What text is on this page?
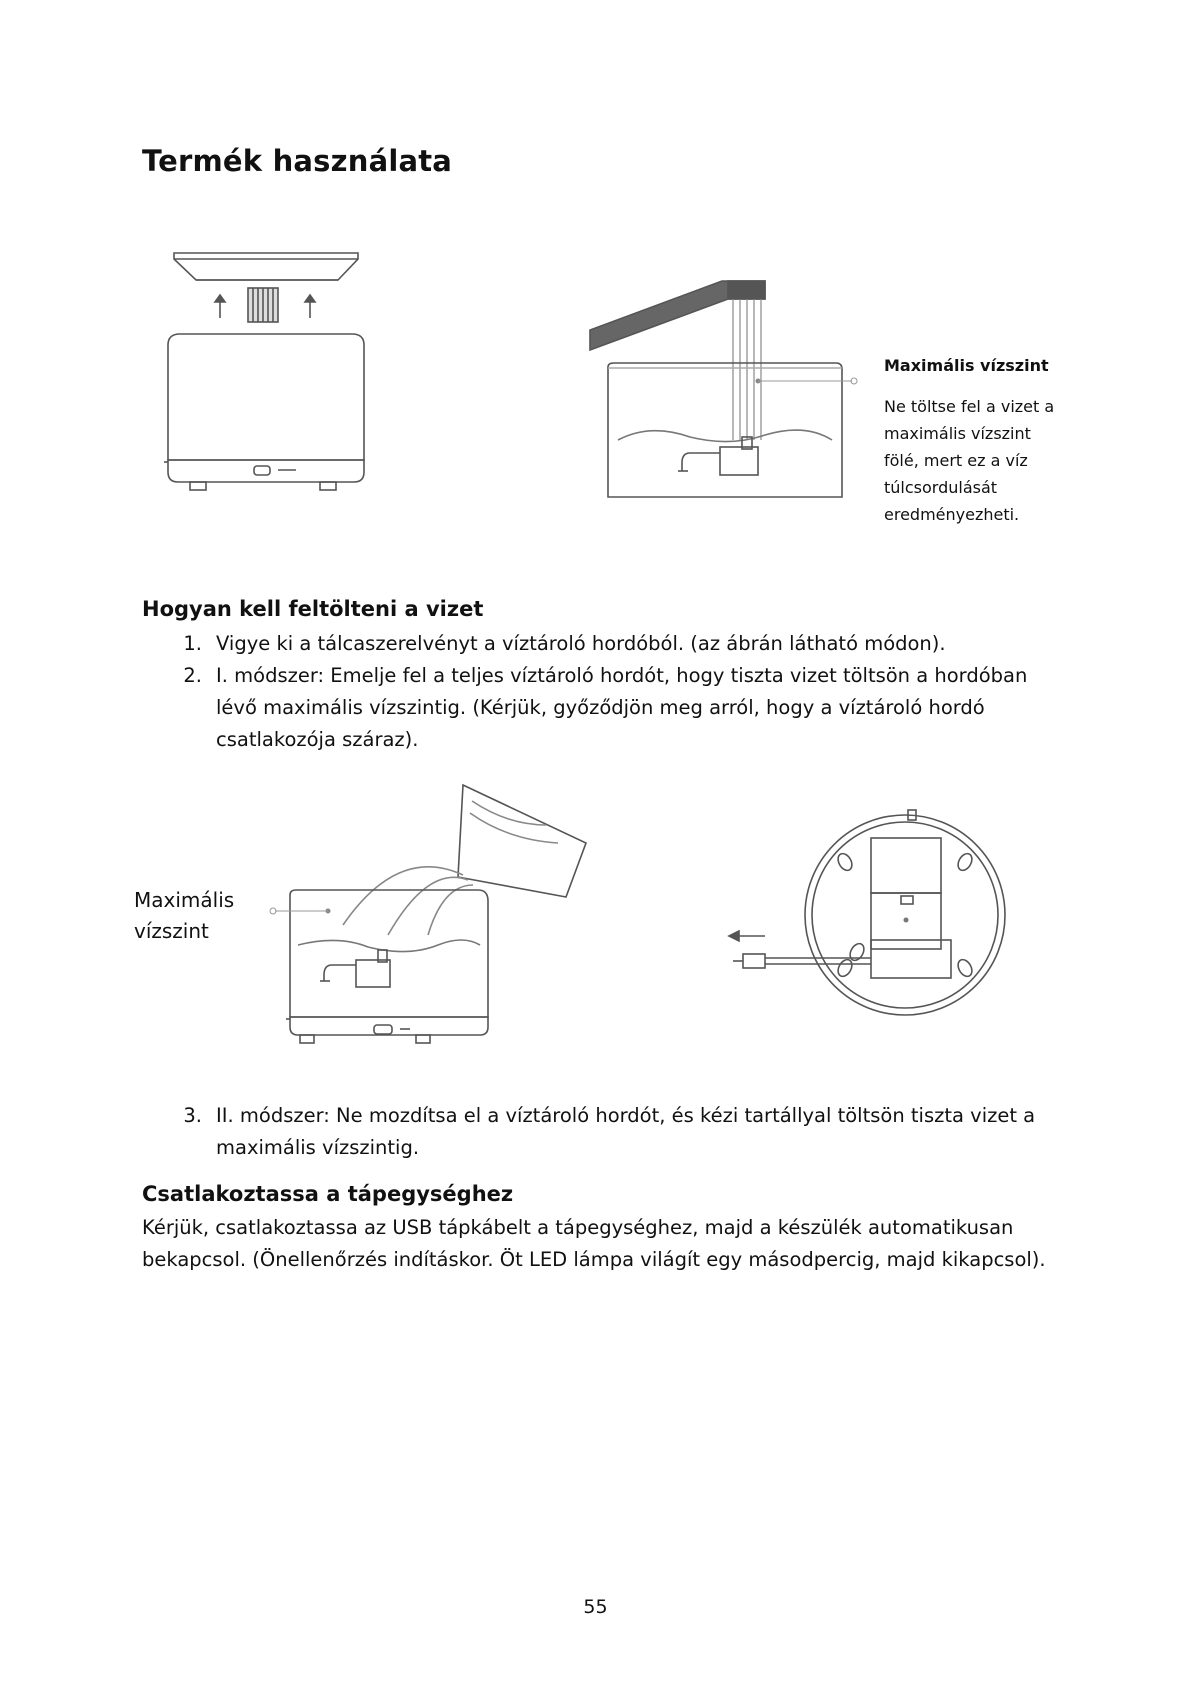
Termék használata
Maximális vízszint
Ne töltse fel a vizet a
maximális vízszint
fölé, mert ez a víz
túlcsordulását
eredményezheti.
Hogyan kell feltölteni a vizet
1. Vigye ki a tálcaszerelvényt a víztároló hordóból. (az ábrán látható módon).
2. I. módszer: Emelje fel a teljes víztároló hordót, hogy tiszta vizet töltsön a hordóban
lévő maximális vízszintig. (Kérjük, győződjön meg arról, hogy a víztároló hordó
csatlakozója száraz).
Maximális
vízszint
3. II. módszer: Ne mozdítsa el a víztároló hordót, és kézi tartállyal töltsön tiszta vizet a
maximális vízszintig.
Csatlakoztassa a tápegységhez
Kérjük, csatlakoztassa az USB tápkábelt a tápegységhez, majd a készülék automatikusan
bekapcsol. (Önellenőrzés indításkor. Öt LED lámpa világít egy másodpercig, majd kikapcsol).
55
